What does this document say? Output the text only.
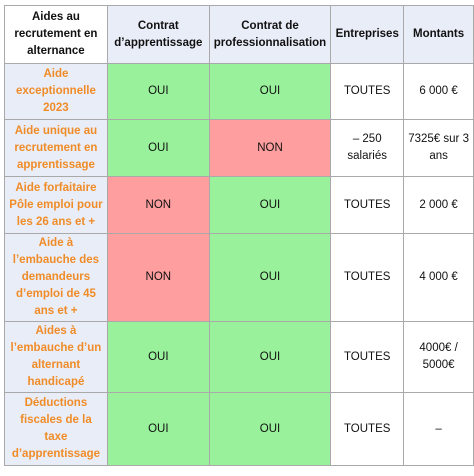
Aides au recrutement en alternance	Contrat d’apprentissage	Contrat de professionnalisation	Entreprises	Montants
Aide exceptionnelle 2023	OUI	OUI	TOUTES	6 000 €
Aide unique au recrutement en apprentissage	OUI	NON	– 250 salariés	7325€ sur 3 ans
Aide forfaitaire Pôle emploi pour les 26 ans et +	NON	OUI	TOUTES	2 000 €
Aide à l’embauche des demandeurs d’emploi de 45 ans et +	NON	OUI	TOUTES	4 000 €
Aides à l’embauche d’un alternant handicapé	OUI	OUI	TOUTES	4000€ / 5000€
Déductions fiscales de la taxe d’apprentissage	OUI	OUI	TOUTES	–
